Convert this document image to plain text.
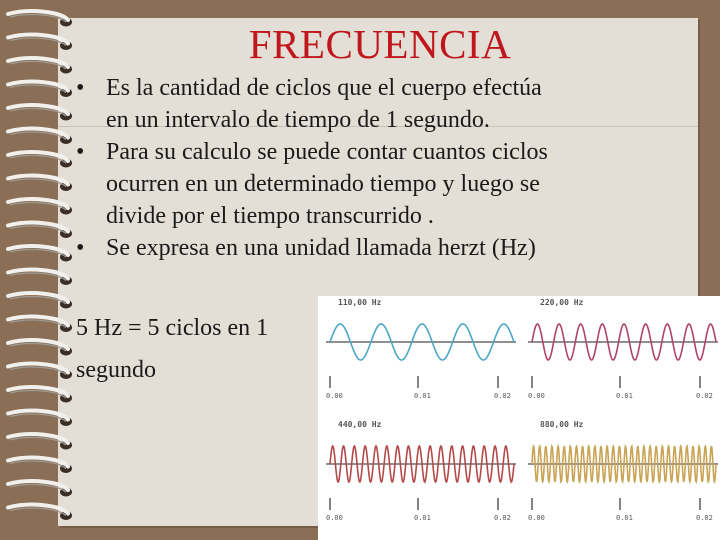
FRECUENCIA
• Es la cantidad de ciclos que el cuerpo efectúa
en un intervalo de tiempo de 1 segundo.
• Para su calculo se puede contar cuantos ciclos
ocurren en un determinado tiempo y luego se
divide por el tiempo transcurrido .
• Se expresa en una unidad llamada herzt (Hz)
5 Hz = 5 ciclos en 1
segundo
110,00 Hz
0.00	0.01	0.02
220,00 Hz
0.00	0.01	0.02
440,00 Hz
0.00	0.01	0.02
880,00 Hz
0.00	0.01	0.02
